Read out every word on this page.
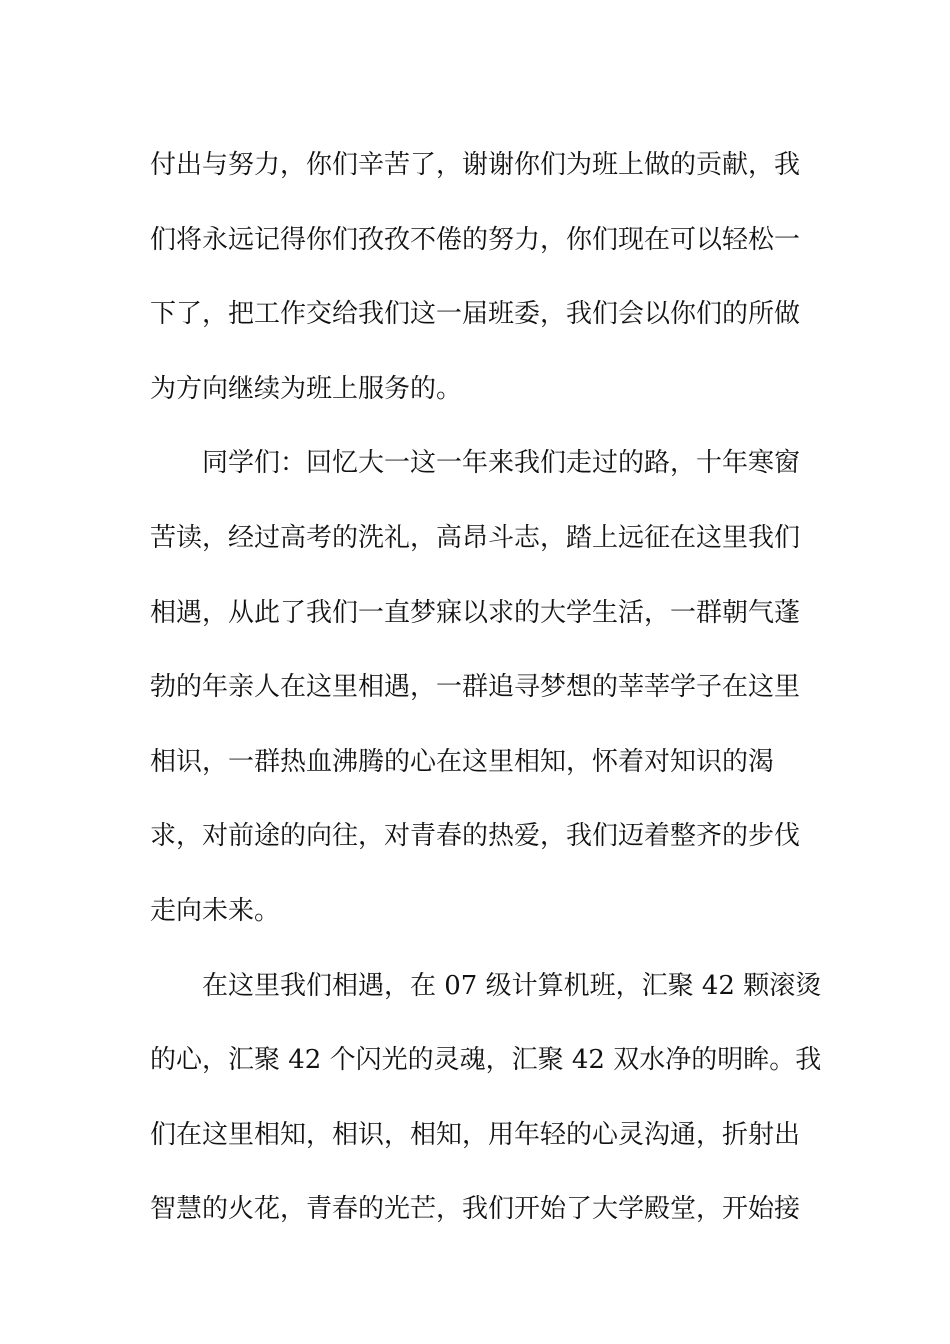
付出与努力，你们辛苦了，谢谢你们为班上做的贡献，我
们将永远记得你们孜孜不倦的努力，你们现在可以轻松一
下了，把工作交给我们这一届班委，我们会以你们的所做
为方向继续为班上服务的。
同学们：回忆大一这一年来我们走过的路，十年寒窗
苦读，经过高考的洗礼，高昂斗志，踏上远征在这里我们
相遇，从此了我们一直梦寐以求的大学生活，一群朝气蓬
勃的年亲人在这里相遇，一群追寻梦想的莘莘学子在这里
相识，一群热血沸腾的心在这里相知，怀着对知识的渴
求，对前途的向往，对青春的热爱，我们迈着整齐的步伐
走向未来。
在这里我们相遇，在 07 级计算机班，汇聚 42 颗滚烫
的心，汇聚 42 个闪光的灵魂，汇聚 42 双水净的明眸。我
们在这里相知，相识，相知，用年轻的心灵沟通，折射出
智慧的火花，青春的光芒，我们开始了大学殿堂，开始接
